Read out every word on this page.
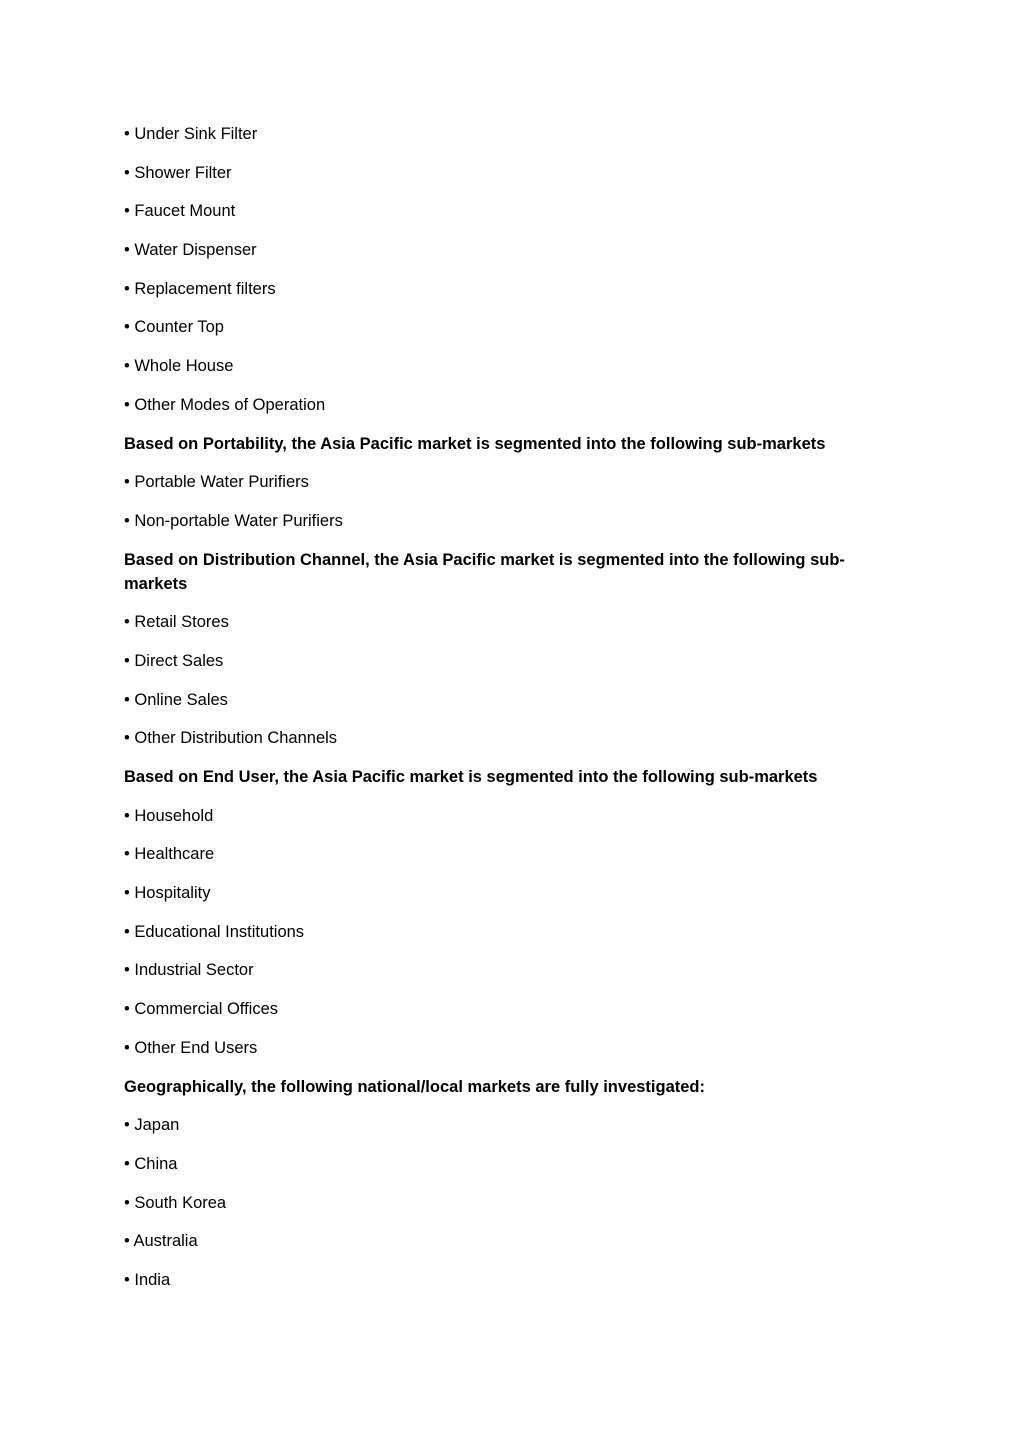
• Under Sink Filter

• Shower Filter

• Faucet Mount

• Water Dispenser

• Replacement filters

• Counter Top

• Whole House

• Other Modes of Operation

Based on Portability, the Asia Pacific market is segmented into the following sub-markets

• Portable Water Purifiers

• Non-portable Water Purifiers

Based on Distribution Channel, the Asia Pacific market is segmented into the following sub-markets

• Retail Stores

• Direct Sales

• Online Sales

• Other Distribution Channels

Based on End User, the Asia Pacific market is segmented into the following sub-markets

• Household

• Healthcare

• Hospitality

• Educational Institutions

• Industrial Sector

• Commercial Offices

• Other End Users

Geographically, the following national/local markets are fully investigated:

• Japan

• China

• South Korea

• Australia

• India
